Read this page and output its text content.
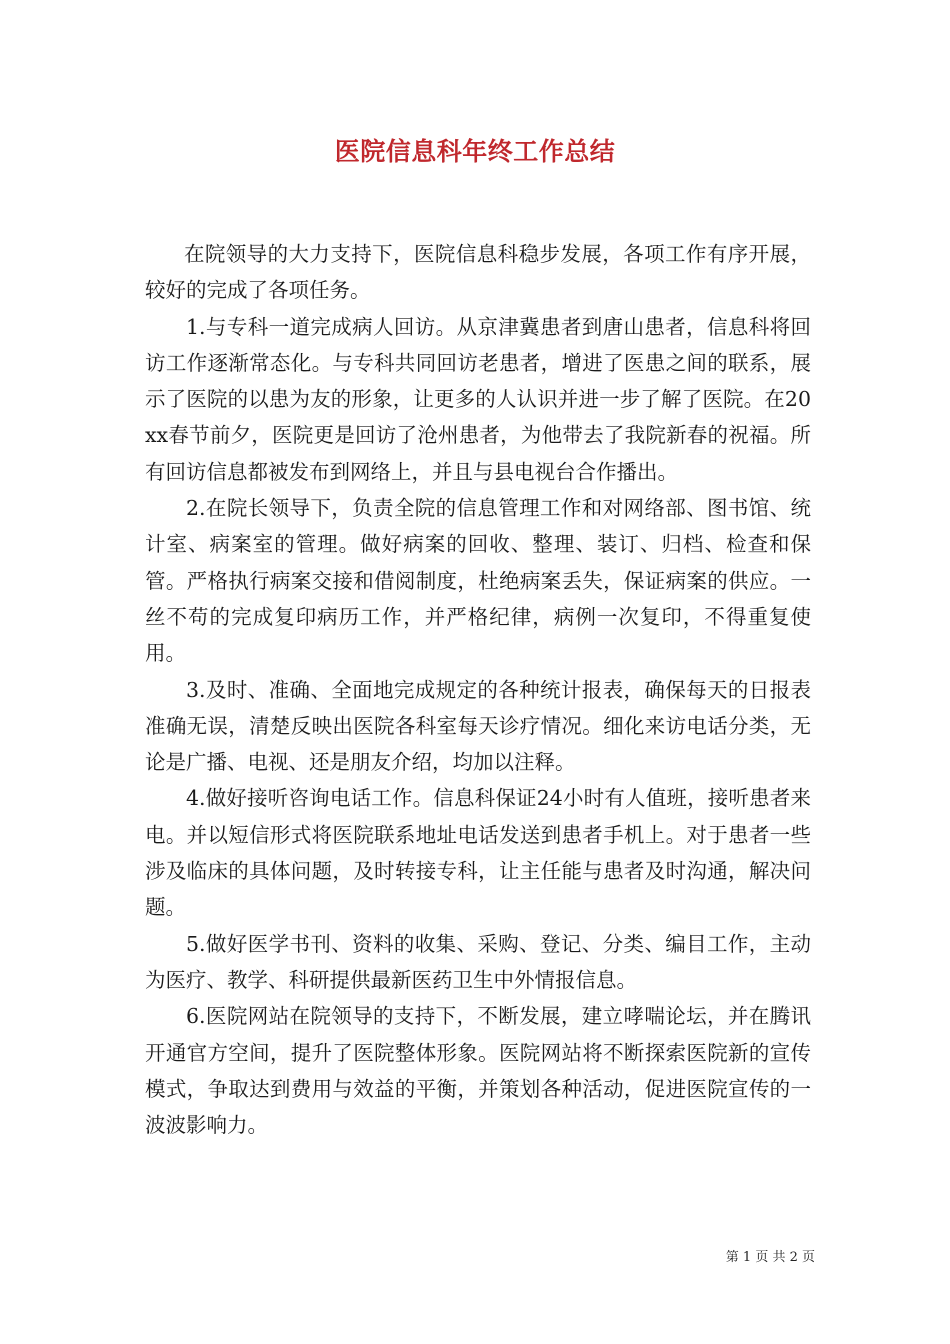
医院信息科年终工作总结

在院领导的大力支持下，医院信息科稳步发展，各项工作有序开展，较好的完成了各项任务。

1.与专科一道完成病人回访。从京津冀患者到唐山患者，信息科将回访工作逐渐常态化。与专科共同回访老患者，增进了医患之间的联系，展示了医院的以患为友的形象，让更多的人认识并进一步了解了医院。在20xx春节前夕，医院更是回访了沧州患者，为他带去了我院新春的祝福。所有回访信息都被发布到网络上，并且与县电视台合作播出。

2.在院长领导下，负责全院的信息管理工作和对网络部、图书馆、统计室、病案室的管理。做好病案的回收、整理、装订、归档、检查和保管。严格执行病案交接和借阅制度，杜绝病案丢失，保证病案的供应。一丝不苟的完成复印病历工作，并严格纪律，病例一次复印，不得重复使用。

3.及时、准确、全面地完成规定的各种统计报表，确保每天的日报表准确无误，清楚反映出医院各科室每天诊疗情况。细化来访电话分类，无论是广播、电视、还是朋友介绍，均加以注释。

4.做好接听咨询电话工作。信息科保证24小时有人值班，接听患者来电。并以短信形式将医院联系地址电话发送到患者手机上。对于患者一些涉及临床的具体问题，及时转接专科，让主任能与患者及时沟通，解决问题。

5.做好医学书刊、资料的收集、采购、登记、分类、编目工作，主动为医疗、教学、科研提供最新医药卫生中外情报信息。

6.医院网站在院领导的支持下，不断发展，建立哮喘论坛，并在腾讯开通官方空间，提升了医院整体形象。医院网站将不断探索医院新的宣传模式，争取达到费用与效益的平衡，并策划各种活动，促进医院宣传的一波波影响力。

第 1 页 共 2 页
